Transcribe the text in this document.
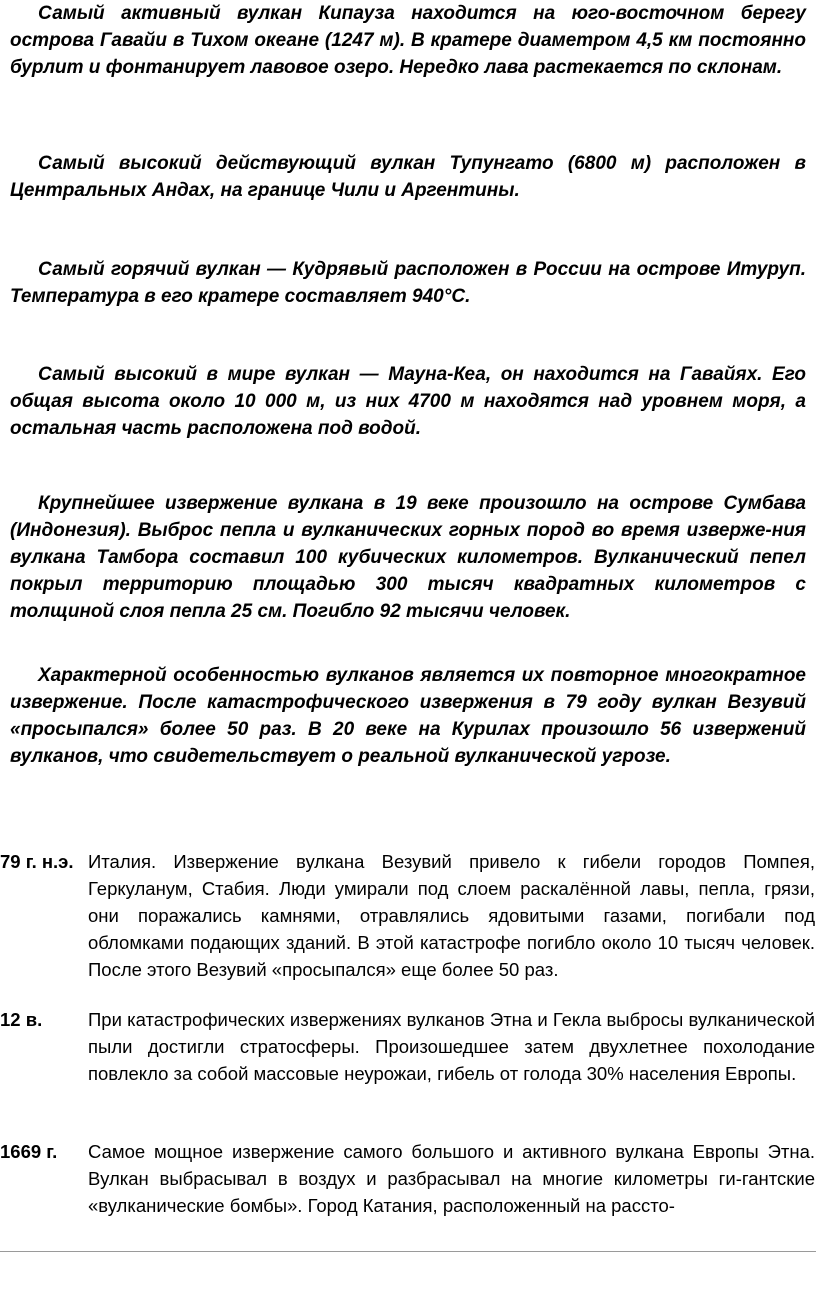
Самый активный вулкан Кипауза находится на юго-восточном берегу острова Гавайи в Тихом океане (1247 м). В кратере диаметром 4,5 км постоянно бурлит и фонтанирует лавовое озеро. Нередко лава растекается по склонам.

Самый высокий действующий вулкан Тупунгато (6800 м) расположен в Центральных Андах, на границе Чили и Аргентины.

Самый горячий вулкан — Кудрявый расположен в России на острове Итуруп. Температура в его кратере составляет 940°С.

Самый высокий в мире вулкан — Мауна-Кеа, он находится на Гавайях. Его общая высота около 10 000 м, из них 4700 м находятся над уровнем моря, а остальная часть расположена под водой.

Крупнейшее извержение вулкана в 19 веке произошло на острове Сумбава (Индонезия). Выброс пепла и вулканических горных пород во время изверже-ния вулкана Тамбора составил 100 кубических километров. Вулканический пепел покрыл территорию площадью 300 тысяч квадратных километров с толщиной слоя пепла 25 см. Погибло 92 тысячи человек.

Характерной особенностью вулканов является их повторное многократное извержение. После катастрофического извержения в 79 году вулкан Везувий «просыпался» более 50 раз. В 20 веке на Курилах произошло 56 извержений вулканов, что свидетельствует о реальной вулканической угрозе.

79 г. н.э. Италия. Извержение вулкана Везувий привело к гибели городов Помпея, Геркуланум, Стабия. Люди умирали под слоем раскалённой лавы, пепла, грязи, они поражались камнями, отравлялись ядовитыми газами, погибали под обломками подающих зданий. В этой катастрофе погибло около 10 тысяч человек. После этого Везувий «просыпался» еще более 50 раз.
12 в. При катастрофических извержениях вулканов Этна и Гекла выбросы вулканической пыли достигли стратосферы. Произошедшее затем двухлетнее похолодание повлекло за собой массовые неурожаи, гибель от голода 30% населения Европы.
1669 г. Самое мощное извержение самого большого и активного вулкана Европы Этна. Вулкан выбрасывал в воздух и разбрасывал на многие километры ги-гантские «вулканические бомбы». Город Катания, расположенный на рассто-
